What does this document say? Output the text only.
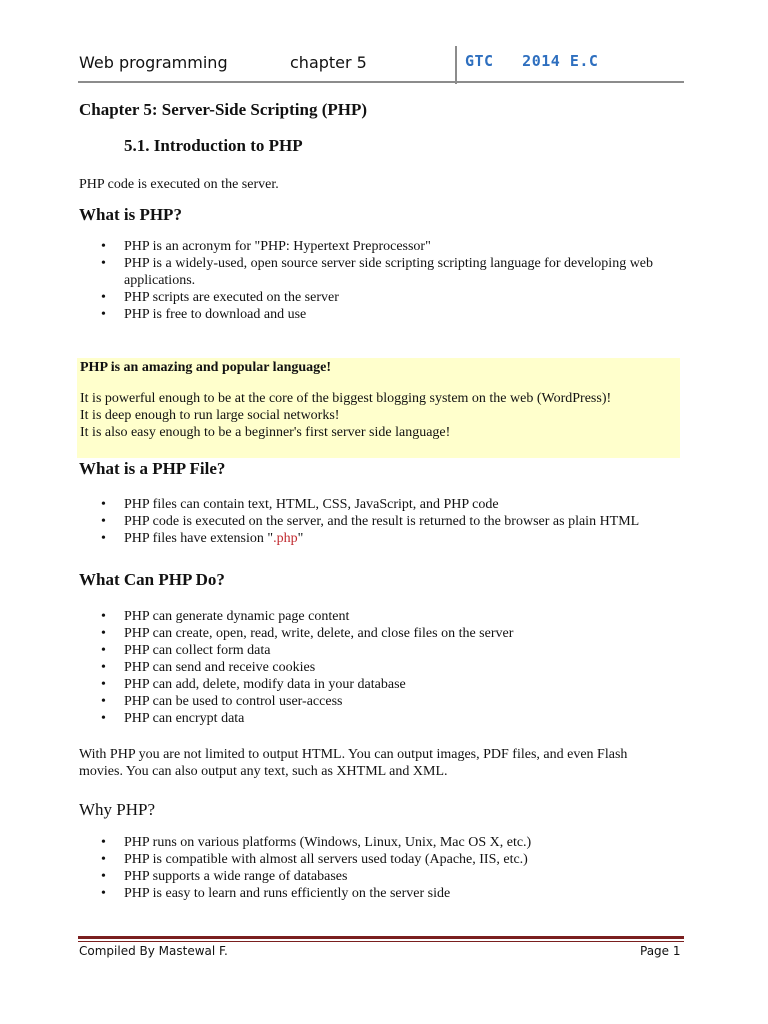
Web programming	chapter 5	GTC   2014 E.C
Chapter 5: Server-Side Scripting (PHP)
5.1. Introduction to PHP

PHP code is executed on the server.

What is PHP?
• PHP is an acronym for "PHP: Hypertext Preprocessor"
• PHP is a widely-used, open source server side scripting scripting language for developing web applications.
• PHP scripts are executed on the server
• PHP is free to download and use
PHP is an amazing and popular language!
It is powerful enough to be at the core of the biggest blogging system on the web (WordPress)!
It is deep enough to run large social networks!
It is also easy enough to be a beginner's first server side language!
What is a PHP File?
• PHP files can contain text, HTML, CSS, JavaScript, and PHP code
• PHP code is executed on the server, and the result is returned to the browser as plain HTML
• PHP files have extension ".php"
What Can PHP Do?
• PHP can generate dynamic page content
• PHP can create, open, read, write, delete, and close files on the server
• PHP can collect form data
• PHP can send and receive cookies
• PHP can add, delete, modify data in your database
• PHP can be used to control user-access
• PHP can encrypt data

With PHP you are not limited to output HTML. You can output images, PDF files, and even Flash movies. You can also output any text, such as XHTML and XML.

Why PHP?
• PHP runs on various platforms (Windows, Linux, Unix, Mac OS X, etc.)
• PHP is compatible with almost all servers used today (Apache, IIS, etc.)
• PHP supports a wide range of databases
• PHP is easy to learn and runs efficiently on the server side
Compiled By Mastewal F.	Page 1
